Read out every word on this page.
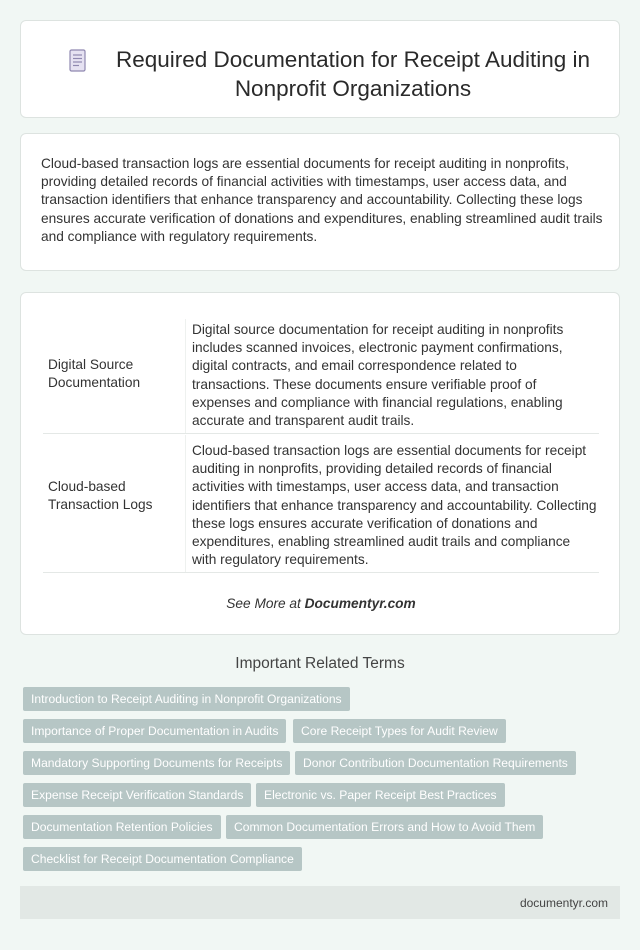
Required Documentation for Receipt Auditing in Nonprofit Organizations

Cloud-based transaction logs are essential documents for receipt auditing in nonprofits, providing detailed records of financial activities with timestamps, user access data, and transaction identifiers that enhance transparency and accountability. Collecting these logs ensures accurate verification of donations and expenditures, enabling streamlined audit trails and compliance with regulatory requirements.

Digital Source Documentation
Digital source documentation for receipt auditing in nonprofits includes scanned invoices, electronic payment confirmations, digital contracts, and email correspondence related to transactions. These documents ensure verifiable proof of expenses and compliance with financial regulations, enabling accurate and transparent audit trails.
Cloud-based Transaction Logs
Cloud-based transaction logs are essential documents for receipt auditing in nonprofits, providing detailed records of financial activities with timestamps, user access data, and transaction identifiers that enhance transparency and accountability. Collecting these logs ensures accurate verification of donations and expenditures, enabling streamlined audit trails and compliance with regulatory requirements.
See More at Documentyr.com
Important Related Terms
Introduction to Receipt Auditing in Nonprofit Organizations
Importance of Proper Documentation in Audits	Core Receipt Types for Audit Review
Mandatory Supporting Documents for Receipts	Donor Contribution Documentation Requirements
Expense Receipt Verification Standards	Electronic vs. Paper Receipt Best Practices
Documentation Retention Policies	Common Documentation Errors and How to Avoid Them
Checklist for Receipt Documentation Compliance
documentyr.com
